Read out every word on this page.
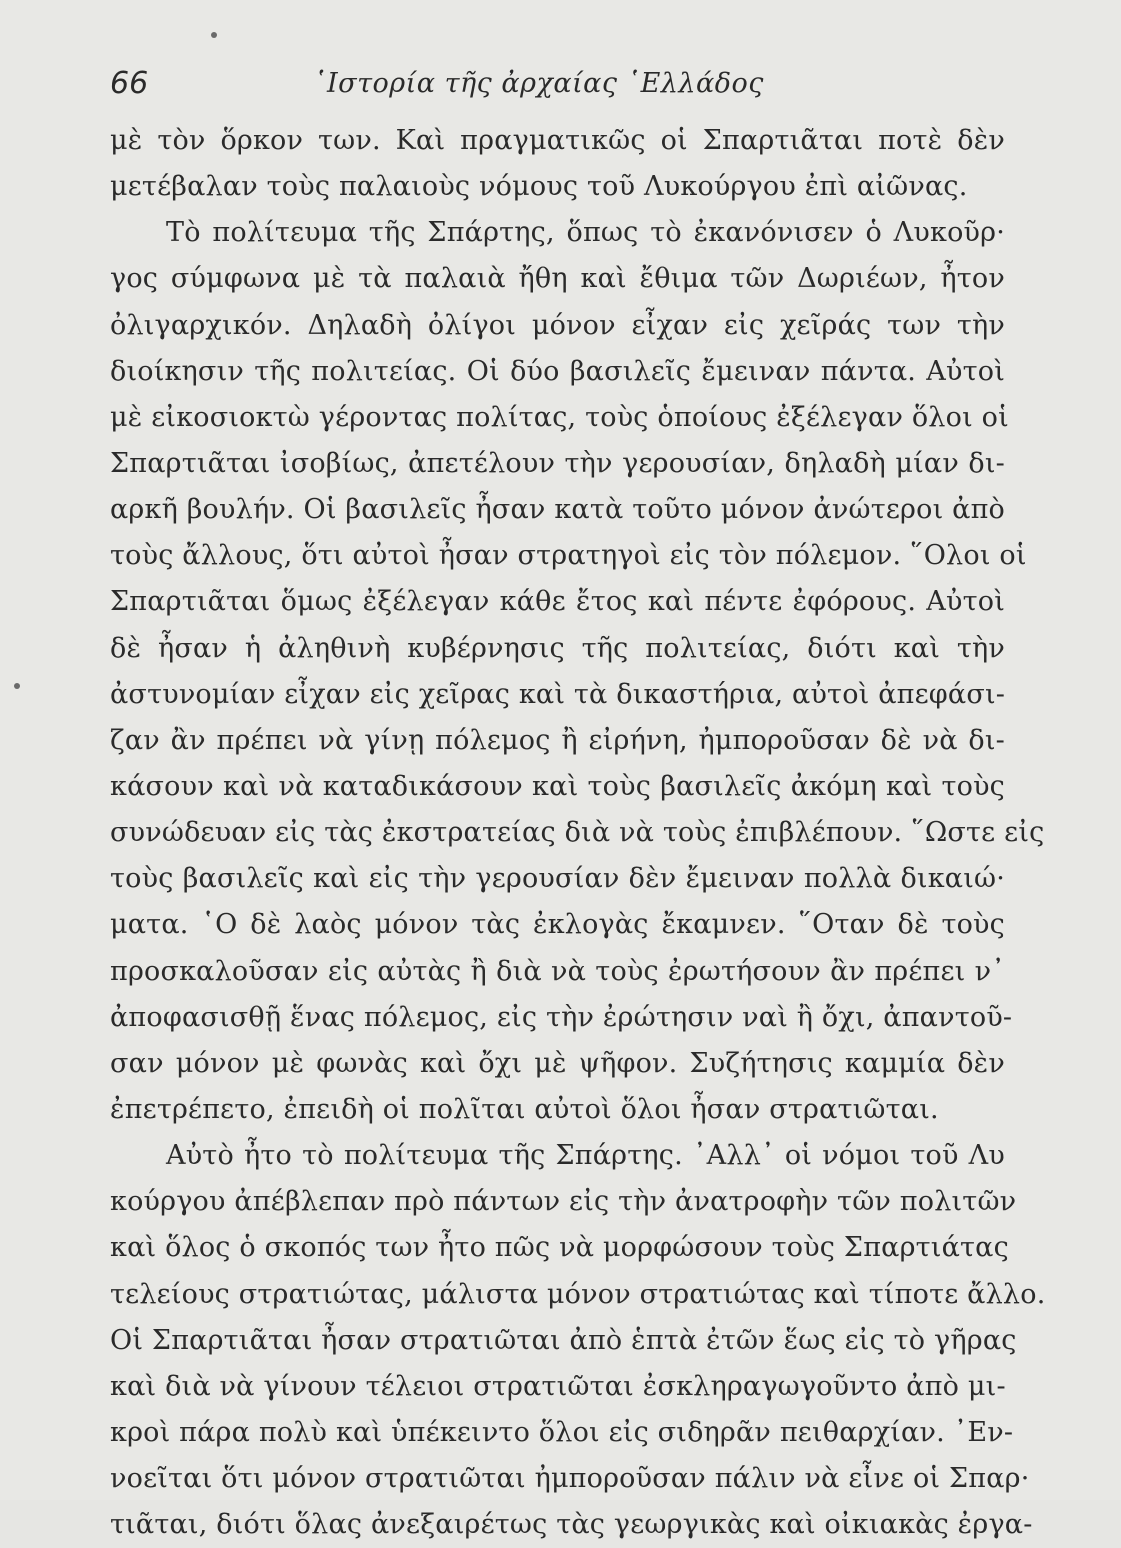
66	῾Ιστορία τῆς ἀρχαίας ῾Ελλάδος
μὲ τὸν ὅρκον των. Καὶ πραγματικῶς οἱ Σπαρτιᾶται ποτὲ δὲν
μετέβαλαν τοὺς παλαιοὺς νόμους τοῦ Λυκούργου ἐπὶ αἰῶνας.
Τὸ πολίτευμα τῆς Σπάρτης, ὅπως τὸ ἐκανόνισεν ὁ Λυκοῦρ·
γος σύμφωνα μὲ τὰ παλαιὰ ἤθη καὶ ἔθιμα τῶν Δωριέων, ἦτον
ὀλιγαρχικόν. Δηλαδὴ ὀλίγοι μόνον εἶχαν εἰς χεῖράς των τὴν
διοίκησιν τῆς πολιτείας. Οἱ δύο βασιλεῖς ἔμειναν πάντα. Αὐτοὶ
μὲ εἰκοσιοκτὼ γέροντας πολίτας, τοὺς ὁποίους ἐξέλεγαν ὅλοι οἱ
Σπαρτιᾶται ἰσοβίως, ἀπετέλουν τὴν γερουσίαν, δηλαδὴ μίαν δι-
αρκῆ βουλήν. Οἱ βασιλεῖς ἦσαν κατὰ τοῦτο μόνον ἀνώτεροι ἀπὸ
τοὺς ἄλλους, ὅτι αὐτοὶ ἦσαν στρατηγοὶ εἰς τὸν πόλεμον. ῞Ολοι οἱ
Σπαρτιᾶται ὅμως ἐξέλεγαν κάθε ἔτος καὶ πέντε ἐφόρους. Αὐτοὶ
δὲ ἦσαν ἡ ἀληθινὴ κυβέρνησις τῆς πολιτείας, διότι καὶ τὴν
ἀστυνομίαν εἶχαν εἰς χεῖρας καὶ τὰ δικαστήρια, αὐτοὶ ἀπεφάσι-
ζαν ἂν πρέπει νὰ γίνῃ πόλεμος ἢ εἰρήνη, ἠμποροῦσαν δὲ νὰ δι-
κάσουν καὶ νὰ καταδικάσουν καὶ τοὺς βασιλεῖς ἀκόμη καὶ τοὺς
συνώδευαν εἰς τὰς ἐκστρατείας διὰ νὰ τοὺς ἐπιβλέπουν. ῞Ωστε εἰς
τοὺς βασιλεῖς καὶ εἰς τὴν γερουσίαν δὲν ἔμειναν πολλὰ δικαιώ·
ματα. ῾Ο δὲ λαὸς μόνον τὰς ἐκλογὰς ἔκαμνεν. ῞Οταν δὲ τοὺς
προσκαλοῦσαν εἰς αὐτὰς ἢ διὰ νὰ τοὺς ἐρωτήσουν ἂν πρέπει ν᾽
ἀποφασισθῇ ἕνας πόλεμος, εἰς τὴν ἐρώτησιν ναὶ ἢ ὄχι, ἀπαντοῦ-
σαν μόνον μὲ φωνὰς καὶ ὄχι μὲ ψῆφον. Συζήτησις καμμία δὲν
ἐπετρέπετο, ἐπειδὴ οἱ πολῖται αὐτοὶ ὅλοι ἦσαν στρατιῶται.
Αὐτὸ ἦτο τὸ πολίτευμα τῆς Σπάρτης. ᾽Αλλ᾽ οἱ νόμοι τοῦ Λυ
κούργου ἀπέβλεπαν πρὸ πάντων εἰς τὴν ἀνατροφὴν τῶν πολιτῶν
καὶ ὅλος ὁ σκοπός των ἦτο πῶς νὰ μορφώσουν τοὺς Σπαρτιάτας
τελείους στρατιώτας, μάλιστα μόνον στρατιώτας καὶ τίποτε ἄλλο.
Οἱ Σπαρτιᾶται ἦσαν στρατιῶται ἀπὸ ἑπτὰ ἐτῶν ἕως εἰς τὸ γῆρας
καὶ διὰ νὰ γίνουν τέλειοι στρατιῶται ἐσκληραγωγοῦντο ἀπὸ μι-
κροὶ πάρα πολὺ καὶ ὑπέκειντο ὅλοι εἰς σιδηρᾶν πειθαρχίαν. ᾽Εν-
νοεῖται ὅτι μόνον στρατιῶται ἠμποροῦσαν πάλιν νὰ εἶνε οἱ Σπαρ·
τιᾶται, διότι ὅλας ἀνεξαιρέτως τὰς γεωργικὰς καὶ οἰκιακὰς ἐργα-
